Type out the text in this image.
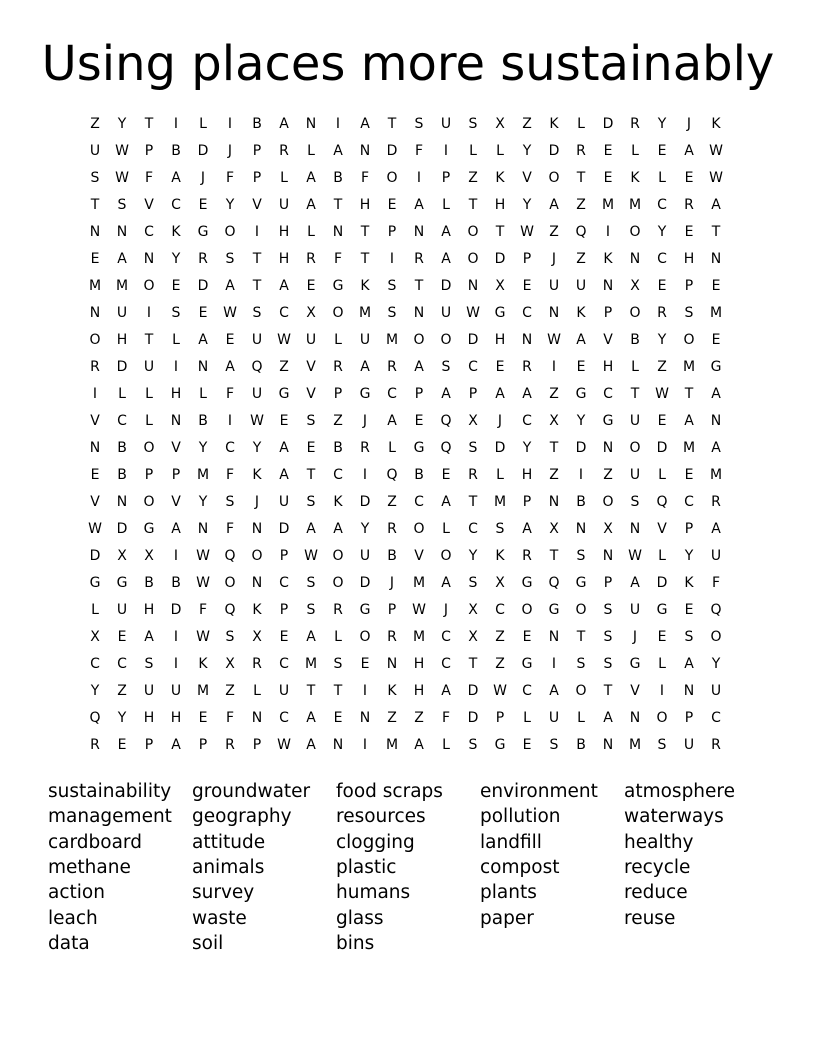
Using places more sustainably
Z	Y	T	I	L	I	B	A	N	I	A	T	S	U	S	X	Z	K	L	D	R	Y	J	K
U	W	P	B	D	J	P	R	L	A	N	D	F	I	L	L	Y	D	R	E	L	E	A	W
S	W	F	A	J	F	P	L	A	B	F	O	I	P	Z	K	V	O	T	E	K	L	E	W
T	S	V	C	E	Y	V	U	A	T	H	E	A	L	T	H	Y	A	Z	M	M	C	R	A
N	N	C	K	G	O	I	H	L	N	T	P	N	A	O	T	W	Z	Q	I	O	Y	E	T
E	A	N	Y	R	S	T	H	R	F	T	I	R	A	O	D	P	J	Z	K	N	C	H	N
M	M	O	E	D	A	T	A	E	G	K	S	T	D	N	X	E	U	U	N	X	E	P	E
N	U	I	S	E	W	S	C	X	O	M	S	N	U	W	G	C	N	K	P	O	R	S	M
O	H	T	L	A	E	U	W	U	L	U	M	O	O	D	H	N	W	A	V	B	Y	O	E
R	D	U	I	N	A	Q	Z	V	R	A	R	A	S	C	E	R	I	E	H	L	Z	M	G
I	L	L	H	L	F	U	G	V	P	G	C	P	A	P	A	A	Z	G	C	T	W	T	A
V	C	L	N	B	I	W	E	S	Z	J	A	E	Q	X	J	C	X	Y	G	U	E	A	N
N	B	O	V	Y	C	Y	A	E	B	R	L	G	Q	S	D	Y	T	D	N	O	D	M	A
E	B	P	P	M	F	K	A	T	C	I	Q	B	E	R	L	H	Z	I	Z	U	L	E	M
V	N	O	V	Y	S	J	U	S	K	D	Z	C	A	T	M	P	N	B	O	S	Q	C	R
W	D	G	A	N	F	N	D	A	A	Y	R	O	L	C	S	A	X	N	X	N	V	P	A
D	X	X	I	W	Q	O	P	W	O	U	B	V	O	Y	K	R	T	S	N	W	L	Y	U
G	G	B	B	W	O	N	C	S	O	D	J	M	A	S	X	G	Q	G	P	A	D	K	F
L	U	H	D	F	Q	K	P	S	R	G	P	W	J	X	C	O	G	O	S	U	G	E	Q
X	E	A	I	W	S	X	E	A	L	O	R	M	C	X	Z	E	N	T	S	J	E	S	O
C	C	S	I	K	X	R	C	M	S	E	N	H	C	T	Z	G	I	S	S	G	L	A	Y
Y	Z	U	U	M	Z	L	U	T	T	I	K	H	A	D	W	C	A	O	T	V	I	N	U
Q	Y	H	H	E	F	N	C	A	E	N	Z	Z	F	D	P	L	U	L	A	N	O	P	C
R	E	P	A	P	R	P	W	A	N	I	M	A	L	S	G	E	S	B	N	M	S	U	R
sustainability
management
cardboard
methane
action
leach
data
groundwater
geography
attitude
animals
survey
waste
soil
food scraps
resources
clogging
plastic
humans
glass
bins
environment
pollution
landfill
compost
plants
paper
atmosphere
waterways
healthy
recycle
reduce
reuse
